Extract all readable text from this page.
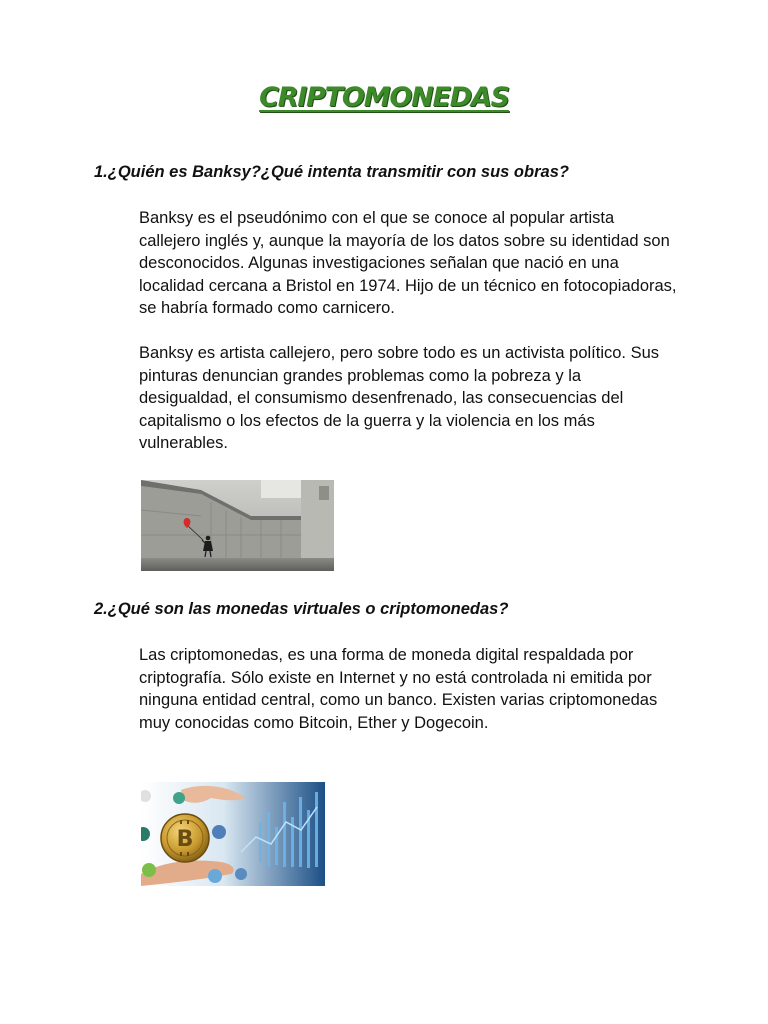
CRIPTOMONEDAS
1.¿Quién es Banksy?¿Qué intenta transmitir con sus obras?

Banksy es el pseudónimo con el que se conoce al popular artista callejero inglés y, aunque la mayoría de los datos sobre su identidad son desconocidos. Algunas investigaciones señalan que nació en una localidad cercana a Bristol en 1974. Hijo de un técnico en fotocopiadoras, se habría formado como carnicero.

Banksy es artista callejero, pero sobre todo es un activista político. Sus pinturas denuncian grandes problemas como la pobreza y la desigualdad, el consumismo desenfrenado, las consecuencias del capitalismo o los efectos de la guerra y la violencia en los más vulnerables.

2.¿Qué son las monedas virtuales o criptomonedas?

Las criptomonedas, es una forma de moneda digital respaldada por criptografía. Sólo existe en Internet y no está controlada ni emitida por ninguna entidad central, como un banco. Existen varias criptomonedas muy conocidas como Bitcoin, Ether y Dogecoin.

B
